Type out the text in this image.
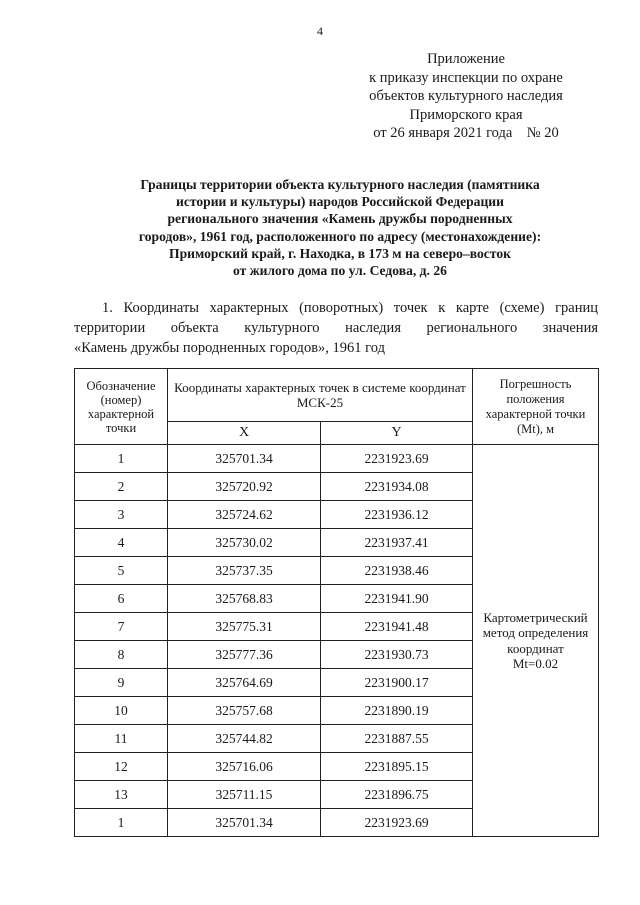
4
Приложение
к приказу инспекции по охране
объектов культурного наследия
Приморского края
от 26 января 2021 года    № 20
Границы территории объекта культурного наследия (памятника
истории и культуры) народов Российской Федерации
регионального значения «Камень дружбы породненных
городов», 1961 год, расположенного по адресу (местонахождение):
Приморский край, г. Находка, в 173 м на северо–восток
от жилого дома по ул. Седова, д. 26
1. Координаты характерных (поворотных) точек к карте (схеме) границ
территории объекта культурного наследия регионального значения
«Камень дружбы породненных городов», 1961 год
Обозначение (номер) характерной точки	Координаты характерных точек в системе координат МСК-25		Погрешность положения характерной точки (Mt), м
	X	Y	
1	325701.34	2231923.69	Картометрический
метод определения
координат
Mt=0.02

2	325720.92	2231934.08	
3	325724.62	2231936.12	
4	325730.02	2231937.41	
5	325737.35	2231938.46	
6	325768.83	2231941.90	
7	325775.31	2231941.48	
8	325777.36	2231930.73	
9	325764.69	2231900.17	
10	325757.68	2231890.19	
11	325744.82	2231887.55	
12	325716.06	2231895.15	
13	325711.15	2231896.75	
1	325701.34	2231923.69	
